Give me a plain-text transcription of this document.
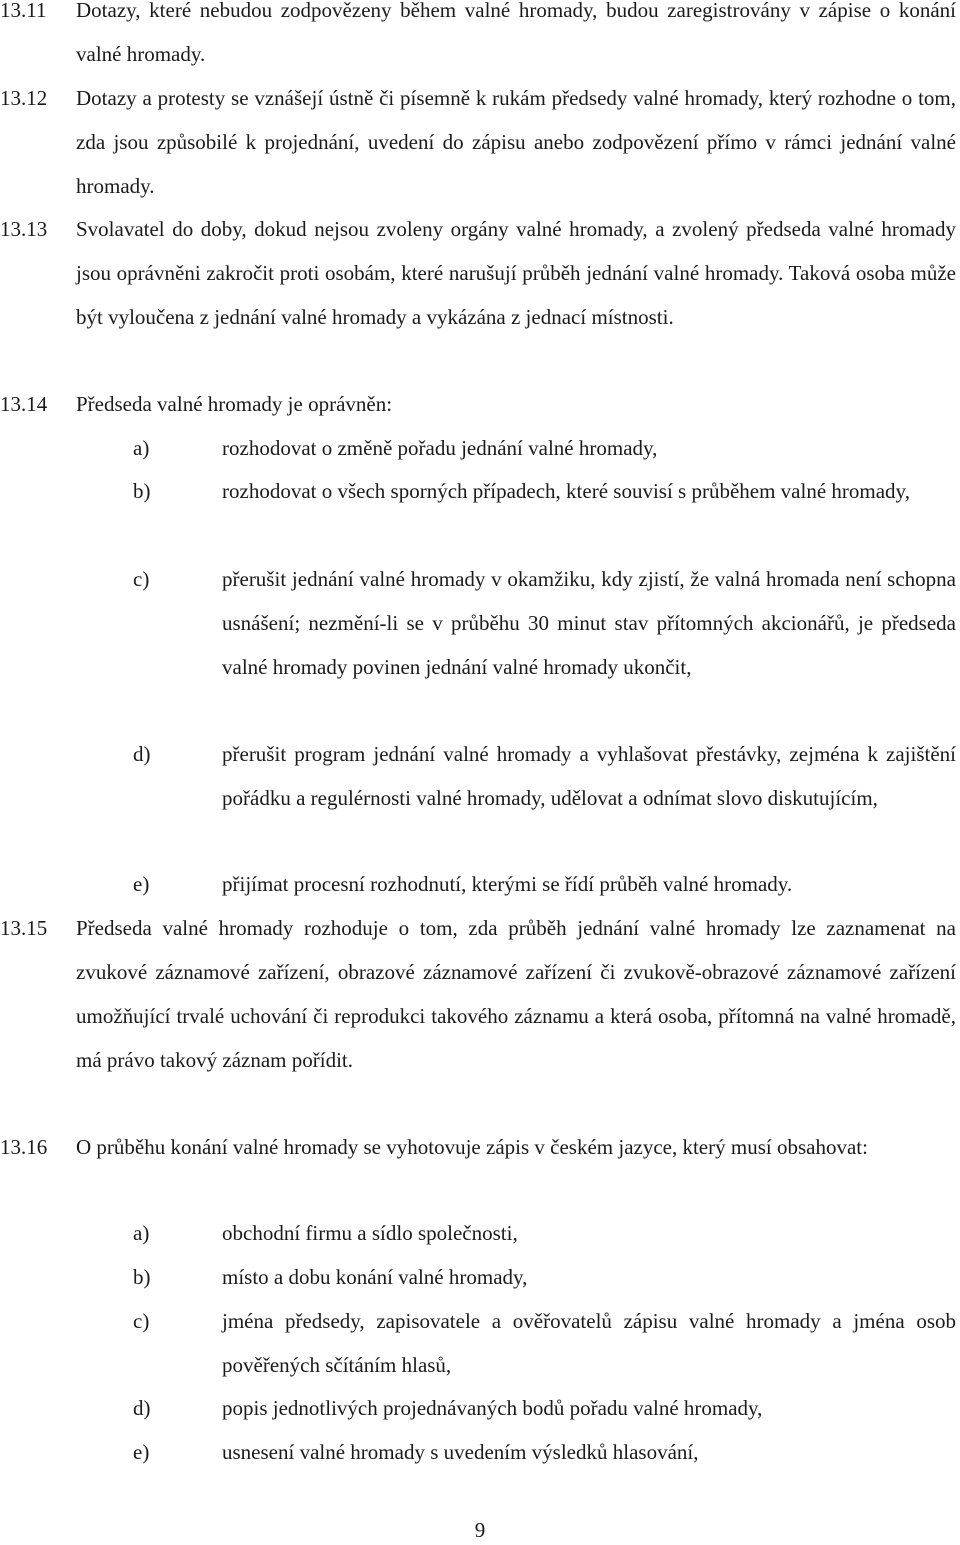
13.11 Dotazy, které nebudou zodpovězeny během valné hromady, budou zaregistrovány v zápise o konání valné hromady.
13.12 Dotazy a protesty se vznášejí ústně či písemně k rukám předsedy valné hromady, který rozhodne o tom, zda jsou způsobilé k projednání, uvedení do zápisu anebo zodpovězení přímo v rámci jednání valné hromady.
13.13 Svolavatel do doby, dokud nejsou zvoleny orgány valné hromady, a zvolený předseda valné hromady jsou oprávněni zakročit proti osobám, které narušují průběh jednání valné hromady. Taková osoba může být vyloučena z jednání valné hromady a vykázána z jednací místnosti.
13.14 Předseda valné hromady je oprávněn:
a)	rozhodovat o změně pořadu jednání valné hromady,
b)	rozhodovat o všech sporných případech, které souvisí s průběhem valné hromady,
c)	přerušit jednání valné hromady v okamžiku, kdy zjistí, že valná hromada není schopna usnášení; nezmění-li se v průběhu 30 minut stav přítomných akcionářů, je předseda valné hromady povinen jednání valné hromady ukončit,
d)	přerušit program jednání valné hromady a vyhlašovat přestávky, zejména k zajištění pořádku a regulérnosti valné hromady, udělovat a odnímat slovo diskutujícím,
e)	přijímat procesní rozhodnutí, kterými se řídí průběh valné hromady.
13.15 Předseda valné hromady rozhoduje o tom, zda průběh jednání valné hromady lze zaznamenat na zvukové záznamové zařízení, obrazové záznamové zařízení či zvukově-obrazové záznamové zařízení umožňující trvalé uchování či reprodukci takového záznamu a která osoba, přítomná na valné hromadě, má právo takový záznam pořídit.
13.16 O průběhu konání valné hromady se vyhotovuje zápis v českém jazyce, který musí obsahovat:
a)	obchodní firmu a sídlo společnosti,
b)	místo a dobu konání valné hromady,
c)	jména předsedy, zapisovatele a ověřovatelů zápisu valné hromady a jména osob pověřených sčítáním hlasů,
d)	popis jednotlivých projednávaných bodů pořadu valné hromady,
e)	usnesení valné hromady s uvedením výsledků hlasování,
9
